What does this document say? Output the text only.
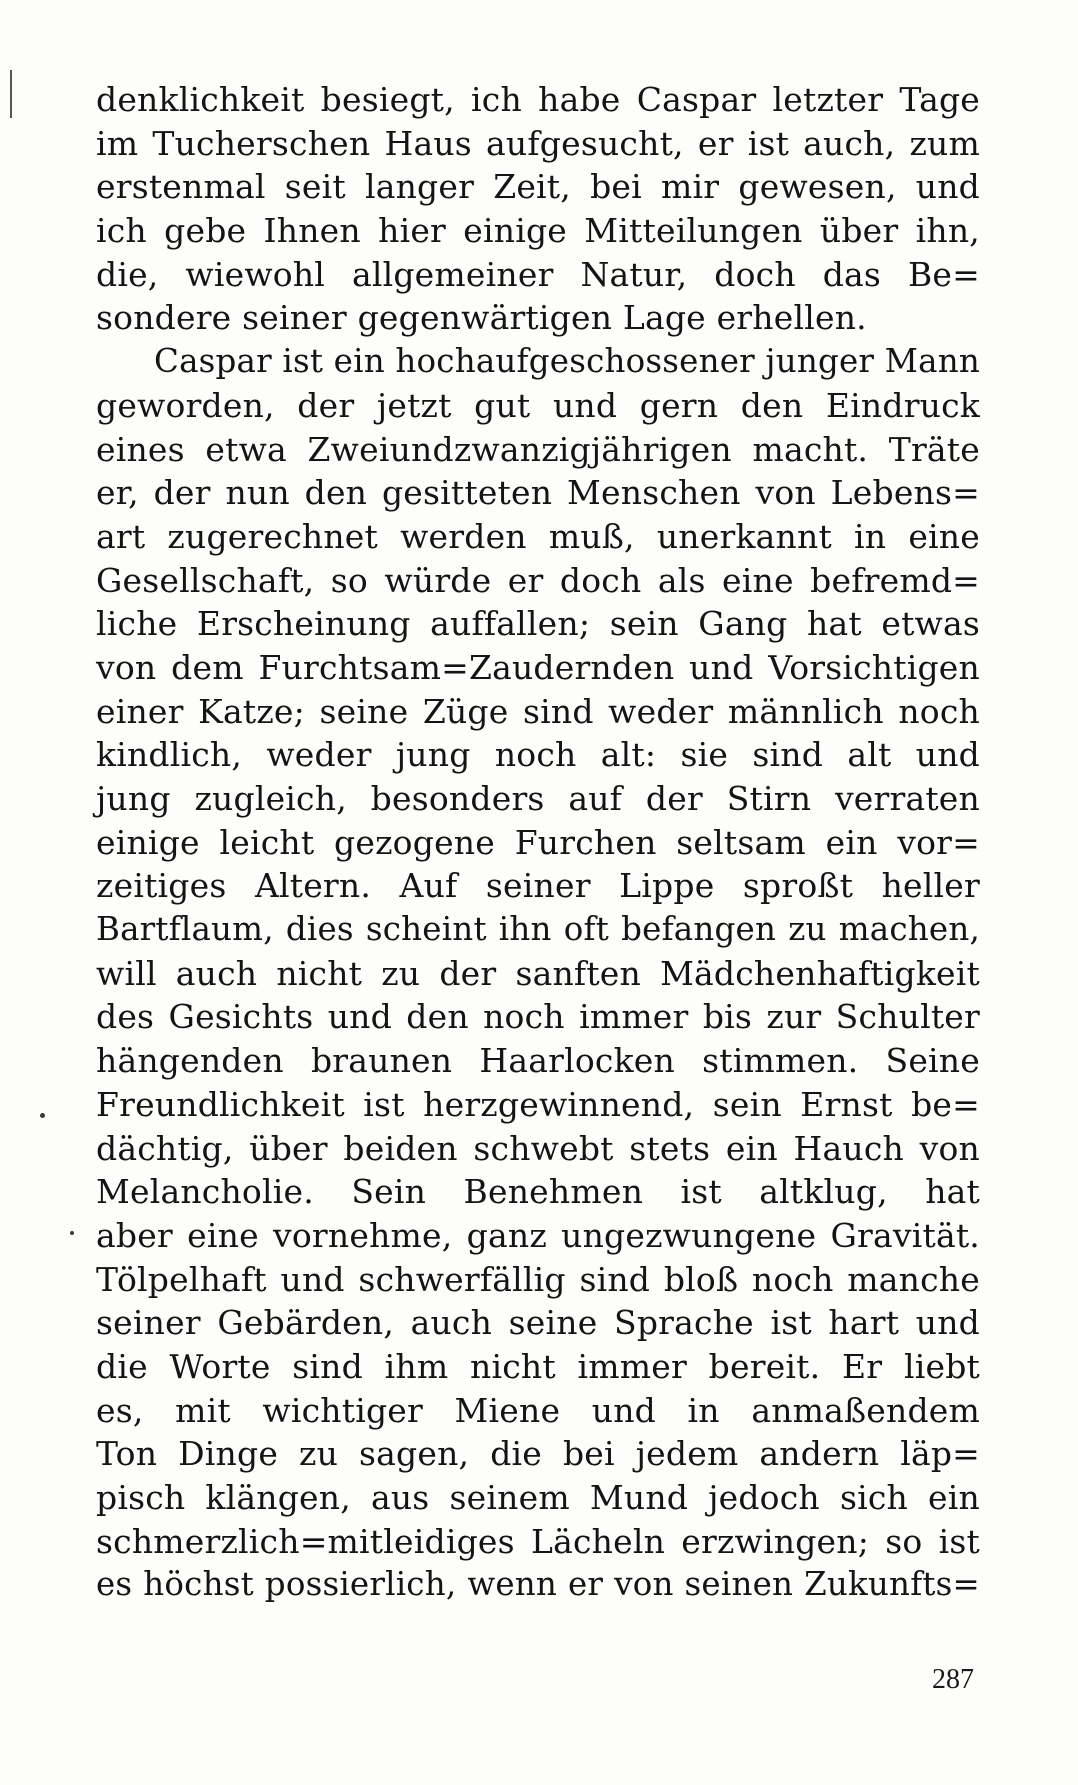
denklichkeit besiegt, ich habe Caspar letzter Tage
im Tucherschen Haus aufgesucht, er ist auch, zum
erstenmal seit langer Zeit, bei mir gewesen, und
ich gebe Ihnen hier einige Mitteilungen über ihn,
die, wiewohl allgemeiner Natur, doch das Be=
sondere seiner gegenwärtigen Lage erhellen.
Caspar ist ein hochaufgeschossener junger Mann
geworden, der jetzt gut und gern den Eindruck
eines etwa Zweiundzwanzigjährigen macht. Träte
er, der nun den gesitteten Menschen von Lebens=
art zugerechnet werden muß, unerkannt in eine
Gesellschaft, so würde er doch als eine befremd=
liche Erscheinung auffallen; sein Gang hat etwas
von dem Furchtsam=Zaudernden und Vorsichtigen
einer Katze; seine Züge sind weder männlich noch
kindlich, weder jung noch alt: sie sind alt und
jung zugleich, besonders auf der Stirn verraten
einige leicht gezogene Furchen seltsam ein vor=
zeitiges Altern. Auf seiner Lippe sproßt heller
Bartflaum, dies scheint ihn oft befangen zu machen,
will auch nicht zu der sanften Mädchenhaftigkeit
des Gesichts und den noch immer bis zur Schulter
hängenden braunen Haarlocken stimmen. Seine
Freundlichkeit ist herzgewinnend, sein Ernst be=
dächtig, über beiden schwebt stets ein Hauch von
Melancholie. Sein Benehmen ist altklug, hat
aber eine vornehme, ganz ungezwungene Gravität.
Tölpelhaft und schwerfällig sind bloß noch manche
seiner Gebärden, auch seine Sprache ist hart und
die Worte sind ihm nicht immer bereit. Er liebt
es, mit wichtiger Miene und in anmaßendem
Ton Dinge zu sagen, die bei jedem andern läp=
pisch klängen, aus seinem Mund jedoch sich ein
schmerzlich=mitleidiges Lächeln erzwingen; so ist
es höchst possierlich, wenn er von seinen Zukunfts=
287
